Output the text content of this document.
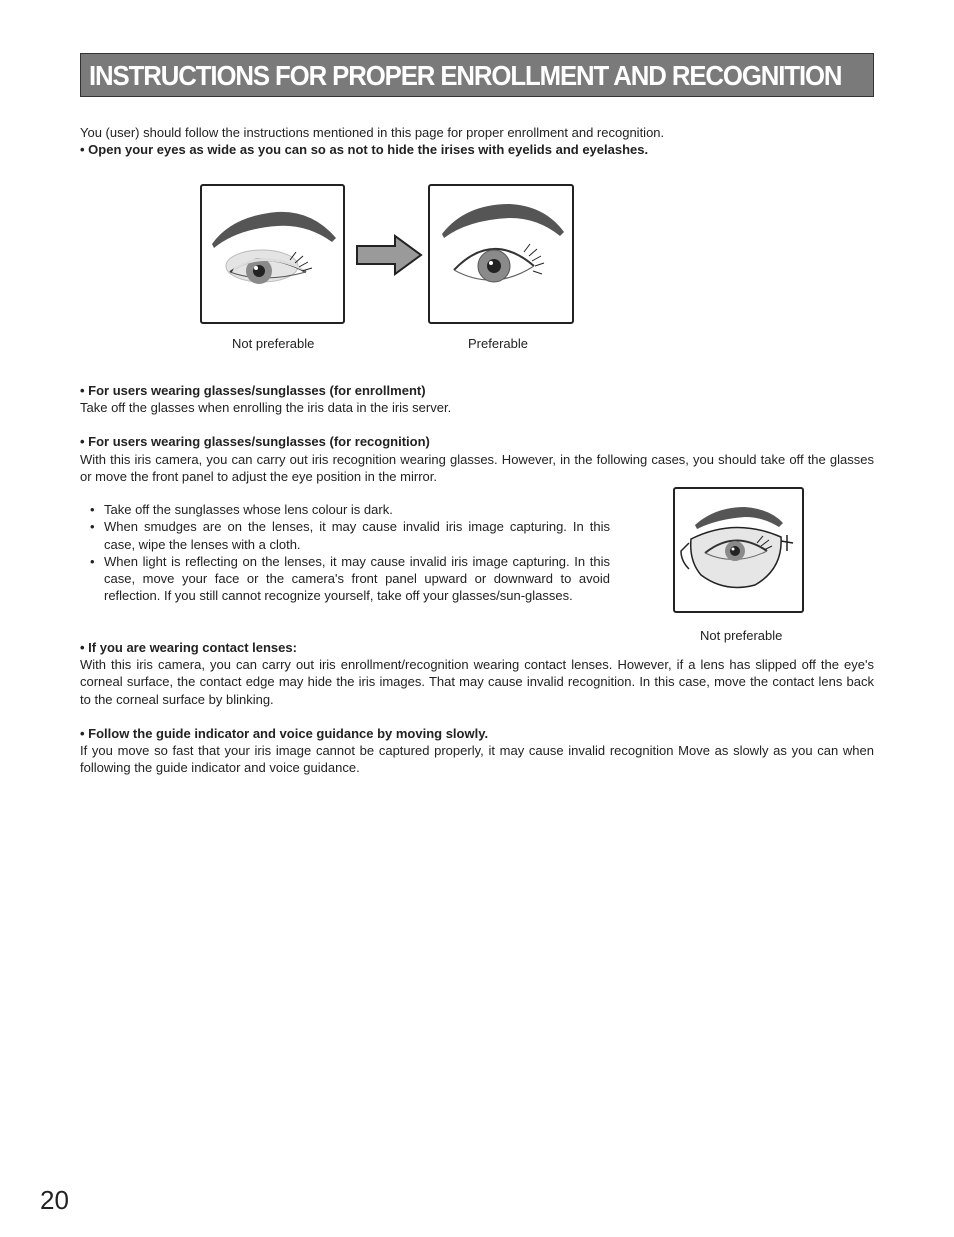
INSTRUCTIONS FOR PROPER ENROLLMENT AND RECOGNITION
You (user) should follow the instructions mentioned in this page for proper enrollment and recognition.
• Open your eyes as wide as you can so as not to hide the irises with eyelids and eyelashes.
Not preferable	Preferable
• For users wearing glasses/sunglasses (for enrollment)
Take off the glasses when enrolling the iris data in the iris server.
• For users wearing glasses/sunglasses (for recognition)
With this iris camera, you can carry out iris recognition wearing glasses. However, in the following cases, you should take off the glasses or move the front panel to adjust the eye position in the mirror.
• Take off the sunglasses whose lens colour is dark.
• When smudges are on the lenses, it may cause invalid iris image capturing. In this case, wipe the lenses with a cloth.
• When light is reflecting on the lenses, it may cause invalid iris image capturing. In this case, move your face or the camera's front panel upward or downward to avoid reflection. If you still cannot recognize yourself, take off your glasses/sun-glasses.
Not preferable
• If you are wearing contact lenses:
With this iris camera, you can carry out iris enrollment/recognition wearing contact lenses. However, if a lens has slipped off the eye's corneal surface, the contact edge may hide the iris images. That may cause invalid recognition. In this case, move the contact lens back to the corneal surface by blinking.
• Follow the guide indicator and voice guidance by moving slowly.
If you move so fast that your iris image cannot be captured properly, it may cause invalid recognition Move as slowly as you can when following the guide indicator and voice guidance.
20
